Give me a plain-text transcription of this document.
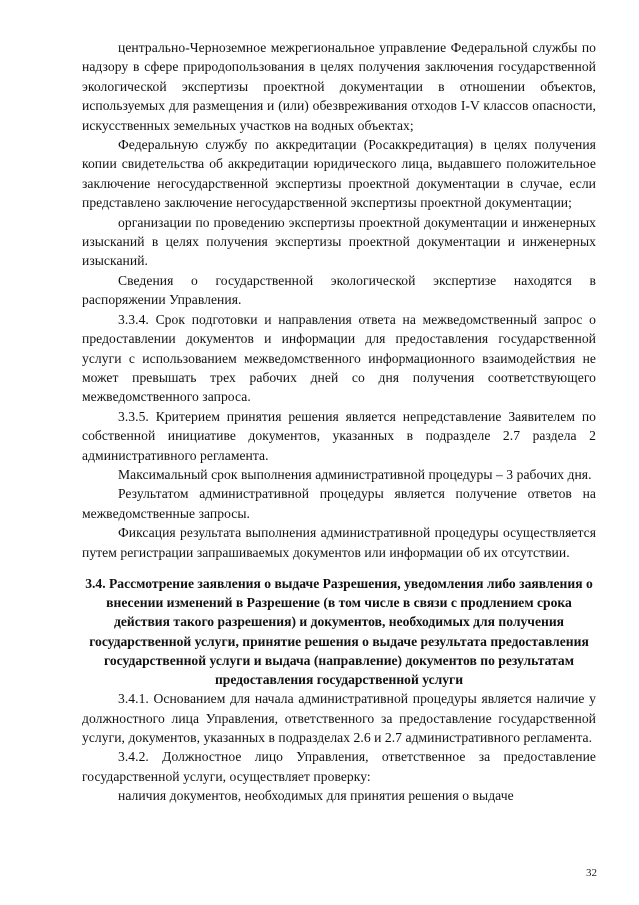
центрально-Черноземное межрегиональное управление Федеральной службы по надзору в сфере природопользования в целях получения заключения государственной экологической экспертизы проектной документации в отношении объектов, используемых для размещения и (или) обезвреживания отходов I-V классов опасности, искусственных земельных участков на водных объектах;

Федеральную службу по аккредитации (Росаккредитация) в целях получения копии свидетельства об аккредитации юридического лица, выдавшего положительное заключение негосударственной экспертизы проектной документации в случае, если представлено заключение негосударственной экспертизы проектной документации;

организации по проведению экспертизы проектной документации и инженерных изысканий в целях получения экспертизы проектной документации и инженерных изысканий.

Сведения о государственной экологической экспертизе находятся в распоряжении Управления.

3.3.4. Срок подготовки и направления ответа на межведомственный запрос о предоставлении документов и информации для предоставления государственной услуги с использованием межведомственного информационного взаимодействия не может превышать трех рабочих дней со дня получения соответствующего межведомственного запроса.

3.3.5. Критерием принятия решения является непредставление Заявителем по собственной инициативе документов, указанных в подразделе 2.7 раздела 2 административного регламента.

Максимальный срок выполнения административной процедуры – 3 рабочих дня.

Результатом административной процедуры является получение ответов на межведомственные запросы.

Фиксация результата выполнения административной процедуры осуществляется путем регистрации запрашиваемых документов или информации об их отсутствии.

3.4. Рассмотрение заявления о выдаче Разрешения, уведомления либо заявления о внесении изменений в Разрешение (в том числе в связи с продлением срока действия такого разрешения) и документов, необходимых для получения государственной услуги, принятие решения о выдаче результата предоставления государственной услуги и выдача (направление) документов по результатам предоставления государственной услуги

3.4.1. Основанием для начала административной процедуры является наличие у должностного лица Управления, ответственного за предоставление государственной услуги, документов, указанных в подразделах 2.6 и 2.7 административного регламента.

3.4.2. Должностное лицо Управления, ответственное за предоставление государственной услуги, осуществляет проверку:

наличия документов, необходимых для принятия решения о выдаче

32
